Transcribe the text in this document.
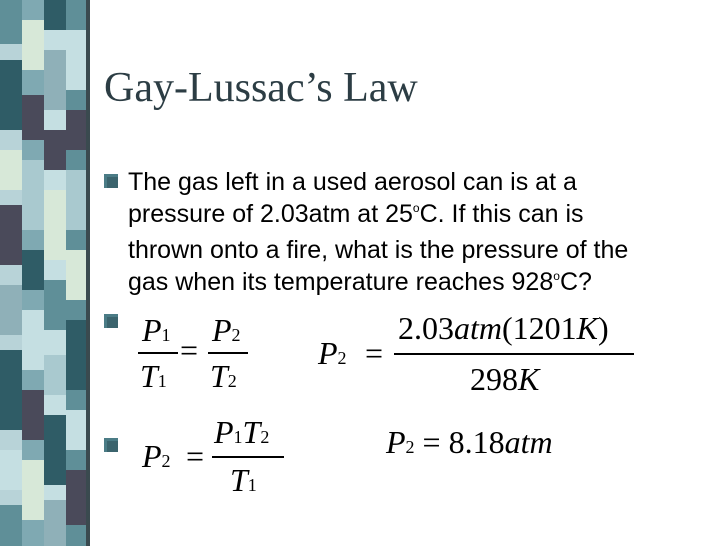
Gay-Lussac’s Law
The gas left in a used aerosol can is at a
pressure of 2.03atm at 25$^o$C. If this can is
thrown onto a fire, what is the pressure of the
gas when its temperature reaches 928$^o$C?
P1
T1
=
P2
T2
P2 =
2.03atm(1201K)
298K
P2 =
P1T2
T1
P2 = 8.18atm
